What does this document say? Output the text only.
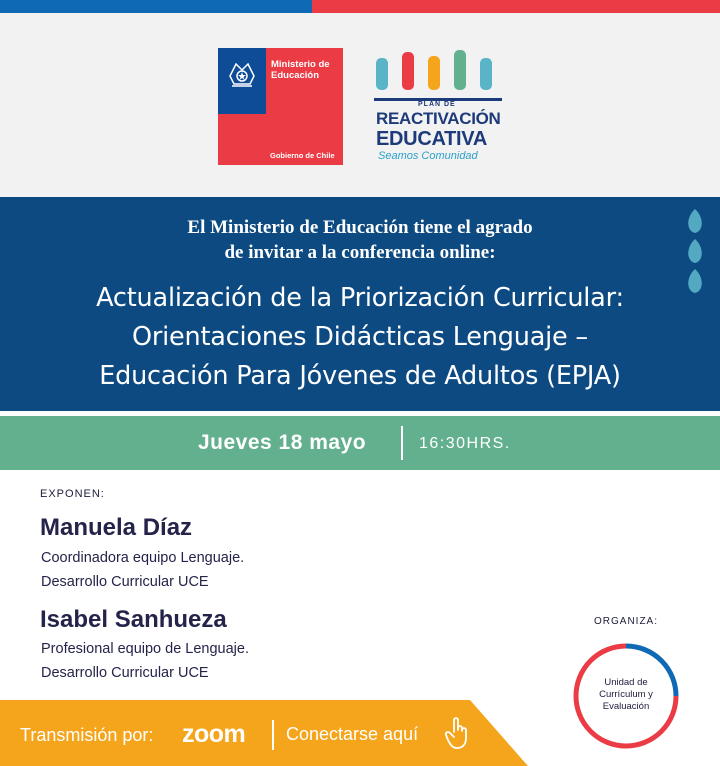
Ministerio de Educación
Gobierno de Chile
PLAN DE
REACTIVACIÓN
EDUCATIVA
Seamos Comunidad
El Ministerio de Educación tiene el agrado
de invitar a la conferencia online:
Actualización de la Priorización Curricular:
Orientaciones Didácticas Lenguaje –
Educación Para Jóvenes de Adultos (EPJA)
Jueves 18 mayo	16:30HRS.
EXPONEN:
Manuela Díaz
Coordinadora equipo Lenguaje.
Desarrollo Curricular UCE
Isabel Sanhueza
Profesional equipo de Lenguaje.
Desarrollo Curricular UCE
ORGANIZA:
Unidad de
Currículum y
Evaluación
Transmisión por: zoom Conectarse aquí
